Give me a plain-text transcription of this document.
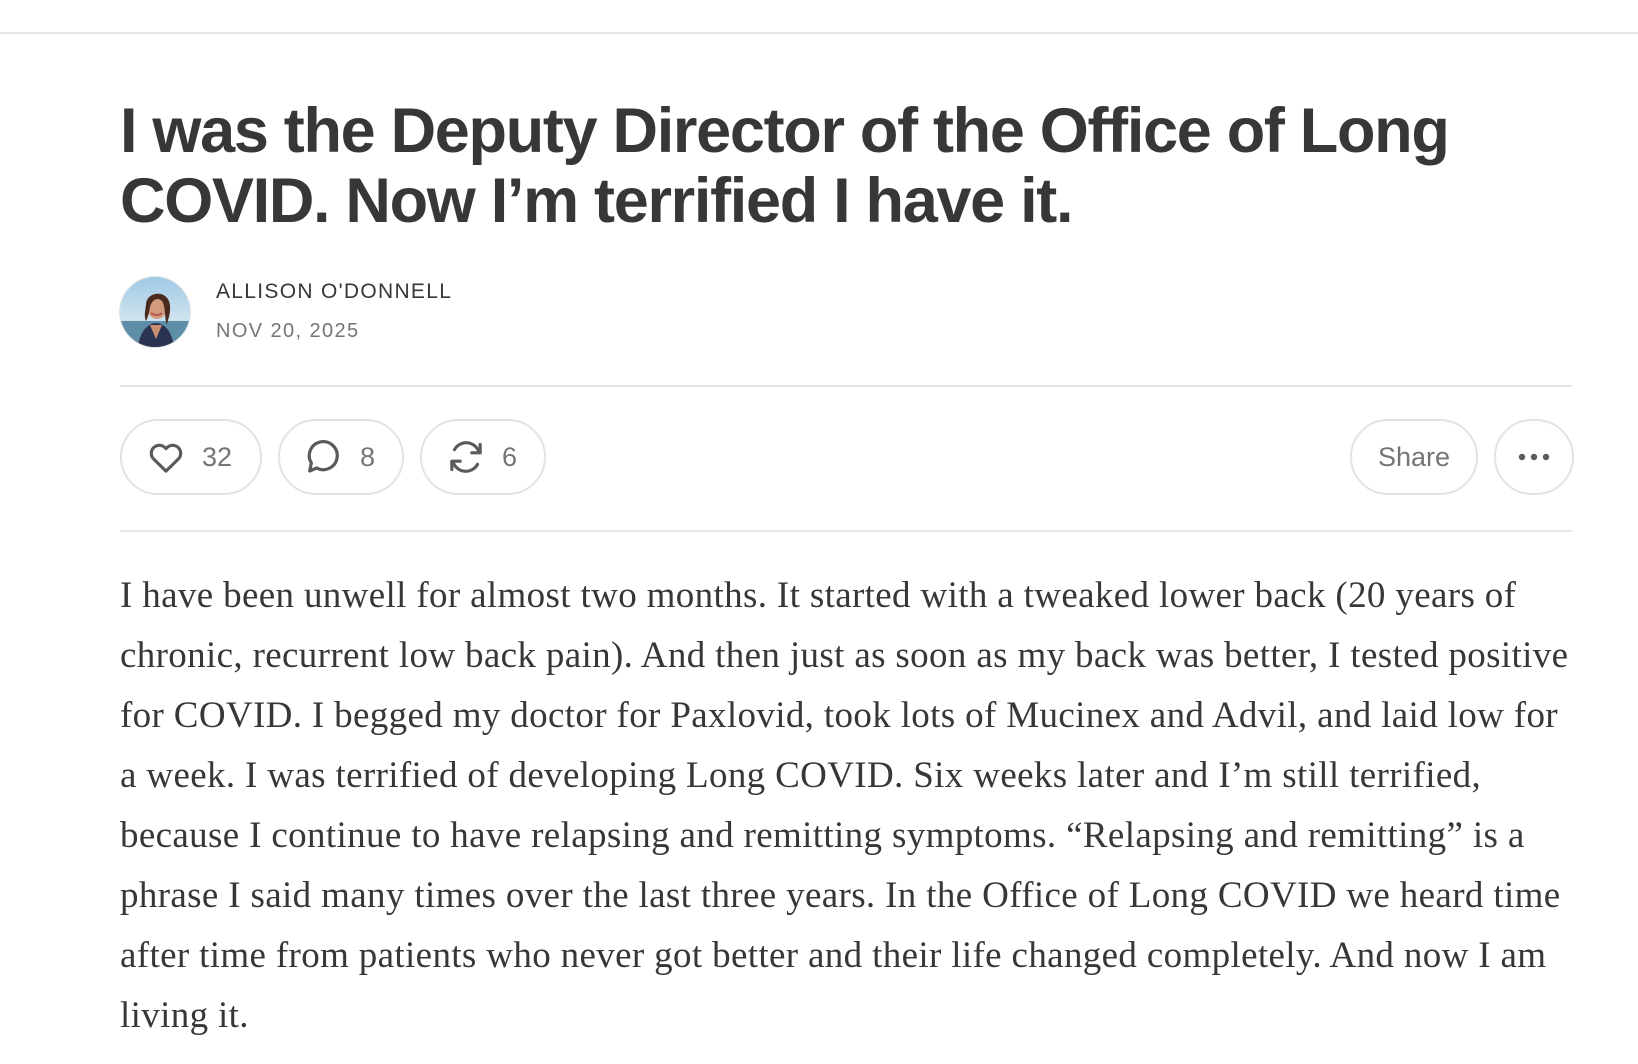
I was the Deputy Director of the Office of Long COVID. Now I’m terrified I have it.
ALLISON O'DONNELL
NOV 20, 2025
32	8	6	Share

I have been unwell for almost two months. It started with a tweaked lower back (20 years of chronic, recurrent low back pain). And then just as soon as my back was better, I tested positive for COVID. I begged my doctor for Paxlovid, took lots of Mucinex and Advil, and laid low for a week. I was terrified of developing Long COVID. Six weeks later and I’m still terrified, because I continue to have relapsing and remitting symptoms. “Relapsing and remitting” is a phrase I said many times over the last three years. In the Office of Long COVID we heard time after time from patients who never got better and their life changed completely. And now I am living it.
